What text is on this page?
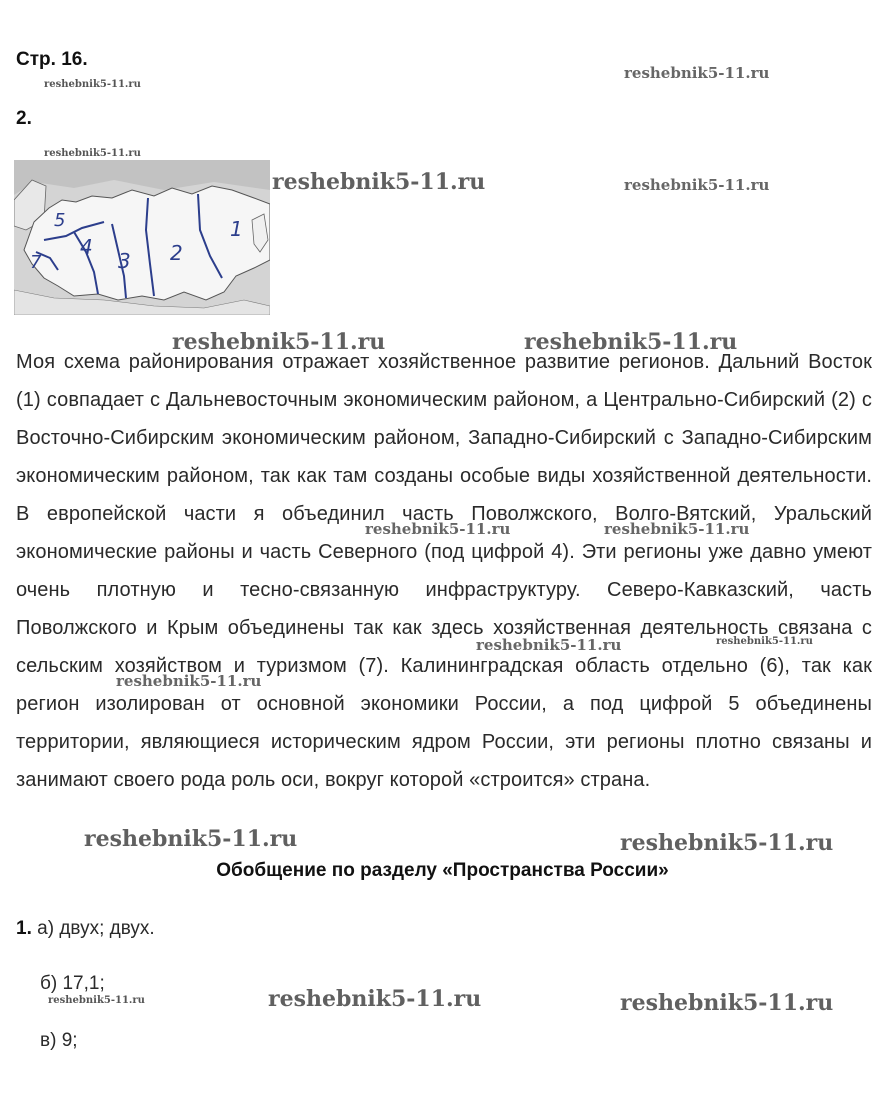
Стр. 16.
2.
1
2
3
4
5
7
Моя схема районирования отражает хозяйственное развитие регионов. Дальний Восток (1) совпадает с Дальневосточным экономическим районом, а Центрально-Сибирский (2) с Восточно-Сибирским экономическим районом, Западно-Сибирский с Западно-Сибирским экономическим районом, так как там созданы особые виды хозяйственной деятельности. В европейской части я объединил часть Поволжского, Волго-Вятский, Уральский экономические районы и часть Северного (под цифрой 4). Эти регионы уже давно умеют очень плотную и тесно-связанную инфраструктуру. Северо-Кавказский, часть Поволжского и Крым объединены так как здесь хозяйственная деятельность связана с сельским хозяйством и туризмом (7). Калининградская область отдельно (6), так как регион изолирован от основной экономики России, а под цифрой 5 объединены территории, являющиеся историческим ядром России, эти регионы плотно связаны и занимают своего рода роль оси, вокруг которой «строится» страна.
Обобщение по разделу «Пространства России»
1. а) двух; двух.
б) 17,1;
в) 9;
reshebnik5-11.ru
reshebnik5-11.ru
reshebnik5-11.ru
reshebnik5-11.ru	reshebnik5-11.ru
reshebnik5-11.ru	reshebnik5-11.ru
reshebnik5-11.ru	reshebnik5-11.ru
reshebnik5-11.ru	reshebnik5-11.ru
reshebnik5-11.ru
reshebnik5-11.ru	reshebnik5-11.ru
reshebnik5-11.ru	reshebnik5-11.ru	reshebnik5-11.ru
